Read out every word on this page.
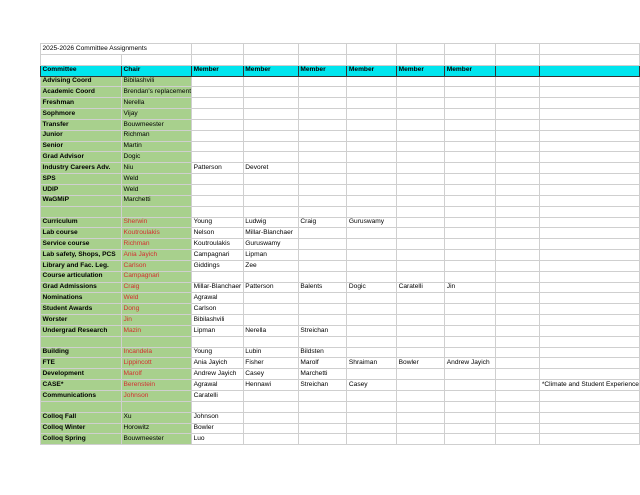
2025-2026 Committee Assignments									

Committee	Chair	Member	Member	Member	Member	Member	Member		
Advising Coord	Bibilashvili								
Academic Coord	Brendan's replacement								
Freshman	Nerella								
Sophmore	Vijay								
Transfer	Bouwmeester								
Junior	Richman								
Senior	Martin								
Grad Advisor	Dogic								
Industry Careers Adv.	Niu	Patterson	Devoret						
SPS	Weld								
UDIP	Weld								
WaGMiP	Marchetti								

Curriculum	Sherwin	Young	Ludwig	Craig	Guruswamy				
Lab course	Koutroulakis	Nelson	Millar-Blanchaer						
Service course	Richman	Koutroulakis	Guruswamy						
Lab safety, Shops, PCS	Ania Jayich	Campagnari	Lipman						
Library and Fac. Leg.	Carlson	Giddings	Zee						
Course articulation	Campagnari								
Grad Admissions	Craig	Millar-Blanchaer	Patterson	Balents	Dogic	Caratelli	Jin		
Nominations	Weld	Agrawal							
Student Awards	Dong	Carlson							
Worster	Jin	Bibilashvili							
Undergrad Research	Mazin	Lipman	Nerella	Streichan					

Building	Incandela	Young	Lubin	Bildsten					
FTE	Lippincott	Ania Jayich	Fisher	Marolf	Shraiman	Bowler	Andrew Jayich		
Development	Marolf	Andrew Jayich	Casey	Marchetti					
CASE*	Berenstein	Agrawal	Hennawi	Streichan	Casey				*Climate and Student Experience
Communications	Johnson	Caratelli							

Colloq Fall	Xu	Johnson							
Colloq Winter	Horowitz	Bowler							
Colloq Spring	Bouwmeester	Luo							
